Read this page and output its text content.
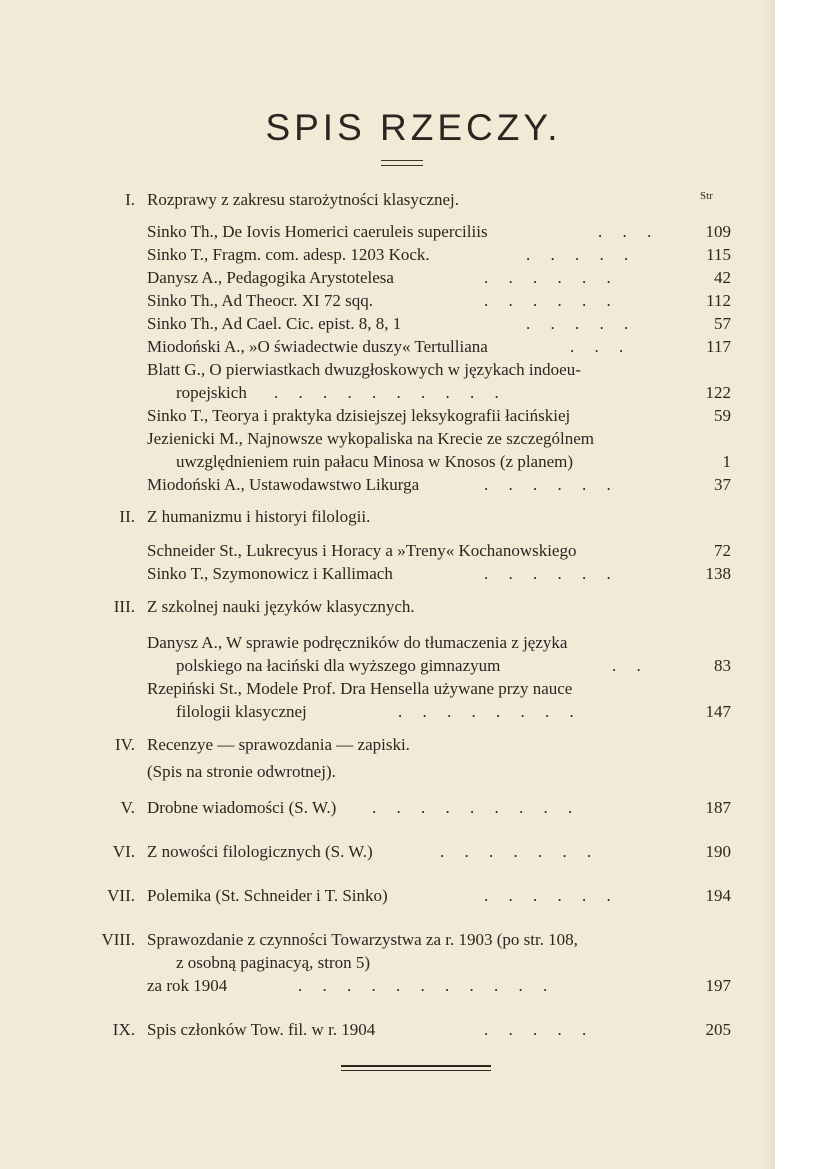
SPIS RZECZY.
I. Rozprawy z zakresu starożytności klasycznej.	Str
Sinko Th., De Iovis Homerici caeruleis superciliis	. . .	109
Sinko T., Fragm. com. adesp. 1203 Kock.	. . . . .	115
Danysz A., Pedagogika Arystotelesa	. . . . . .	42
Sinko Th., Ad Theocr. XI 72 sqq.	. . . . . .	112
Sinko Th., Ad Cael. Cic. epist. 8, 8, 1	. . . . .	57
Miodoński A., »O świadectwie duszy« Tertulliana	. . .	117
Blatt G., O pierwiastkach dwuzgłoskowych w językach indoeu-
ropejskich . . . . . . . . . .	122
Sinko T., Teorya i praktyka dzisiejszej leksykografii łacińskiej	59
Jezienicki M., Najnowsze wykopaliska na Krecie ze szczególnem
uwzględnieniem ruin pałacu Minosa w Knosos (z planem)	1
Miodoński A., Ustawodawstwo Likurga	. . . . . .	37
II. Z humanizmu i historyi filologii.
Schneider St., Lukrecyus i Horacy a »Treny« Kochanowskiego	72
Sinko T., Szymonowicz i Kallimach	. . . . . .	138
III. Z szkolnej nauki języków klasycznych.
Danysz A., W sprawie podręczników do tłumaczenia z języka
polskiego na łaciński dla wyższego gimnazyum	. .	83
Rzepiński St., Modele Prof. Dra Hensella używane przy nauce
filologii klasycznej	. . . . . . . .	147
IV. Recenzye — sprawozdania — zapiski.
(Spis na stronie odwrotnej).
V. Drobne wiadomości (S. W.) . . . . . . . . .	187
VI. Z nowości filologicznych (S. W.)	. . . . . . .	190
VII. Polemika (St. Schneider i T. Sinko)	. . . . . .	194
VIII. Sprawozdanie z czynności Towarzystwa za r. 1903 (po str. 108,
z osobną paginacyą, stron 5)
za rok 1904	. . . . . . . . . . .	197
IX. Spis członków Tow. fil. w r. 1904	. . . . .	205
